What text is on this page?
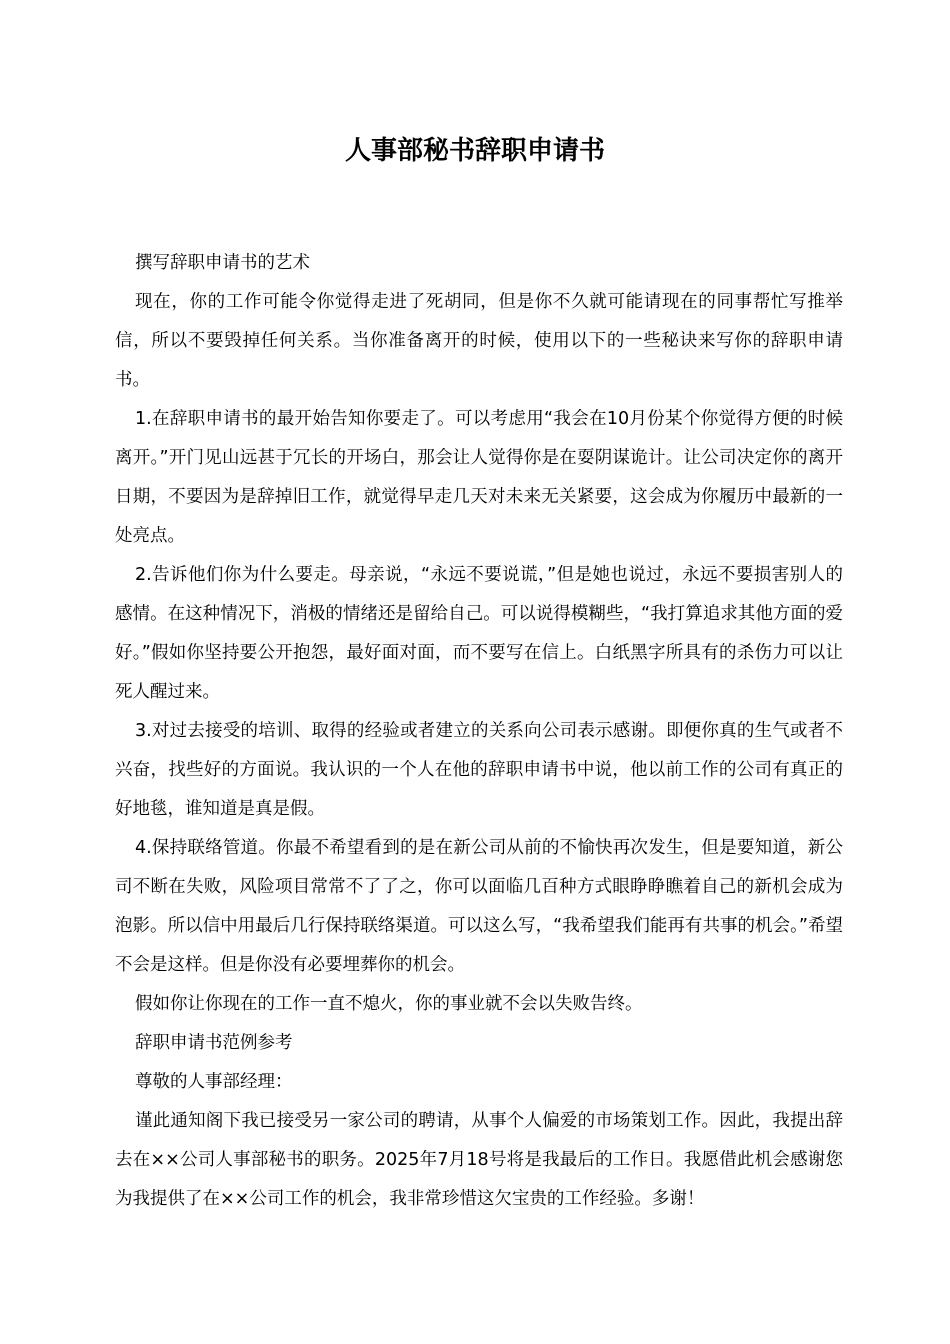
人事部秘书辞职申请书

撰写辞职申请书的艺术

现在，你的工作可能令你觉得走进了死胡同，但是你不久就可能请现在的同事帮忙写推举信，所以不要毁掉任何关系。当你准备离开的时候，使用以下的一些秘诀来写你的辞职申请书。

1.在辞职申请书的最开始告知你要走了。可以考虑用“我会在10月份某个你觉得方便的时候离开。”开门见山远甚于冗长的开场白，那会让人觉得你是在耍阴谋诡计。让公司决定你的离开日期，不要因为是辞掉旧工作，就觉得早走几天对未来无关紧要，这会成为你履历中最新的一处亮点。

2.告诉他们你为什么要走。母亲说，“永远不要说谎，”但是她也说过，永远不要损害别人的感情。在这种情况下，消极的情绪还是留给自己。可以说得模糊些，“我打算追求其他方面的爱好。”假如你坚持要公开抱怨，最好面对面，而不要写在信上。白纸黑字所具有的杀伤力可以让死人醒过来。

3.对过去接受的培训、取得的经验或者建立的关系向公司表示感谢。即便你真的生气或者不兴奋，找些好的方面说。我认识的一个人在他的辞职申请书中说，他以前工作的公司有真正的好地毯，谁知道是真是假。

4.保持联络管道。你最不希望看到的是在新公司从前的不愉快再次发生，但是要知道，新公司不断在失败，风险项目常常不了了之，你可以面临几百种方式眼睁睁瞧着自己的新机会成为泡影。所以信中用最后几行保持联络渠道。可以这么写，“我希望我们能再有共事的机会。”希望不会是这样。但是你没有必要埋葬你的机会。

假如你让你现在的工作一直不熄火，你的事业就不会以失败告终。

辞职申请书范例参考

尊敬的人事部经理：

谨此通知阁下我已接受另一家公司的聘请，从事个人偏爱的市场策划工作。因此，我提出辞去在××公司人事部秘书的职务。2025年7月18号将是我最后的工作日。我愿借此机会感谢您为我提供了在××公司工作的机会，我非常珍惜这欠宝贵的工作经验。多谢！
